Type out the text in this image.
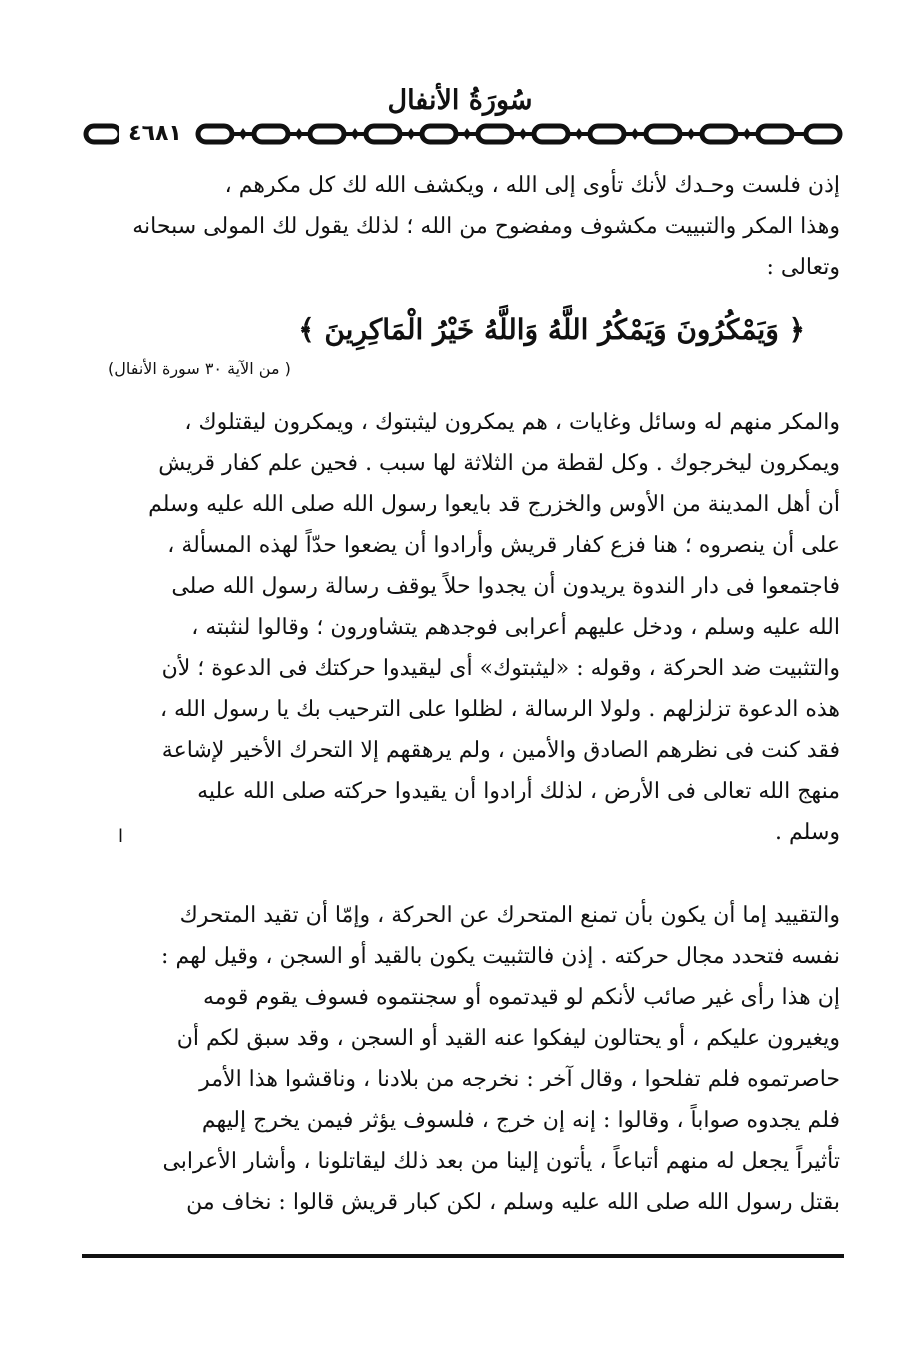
سُورَةُ الأنفال
٤٦٨١
إذن فلست وحـدك لأنك تأوى إلى الله ، ويكشف الله لك كل مكرهم ،
وهذا المكر والتبييت مكشوف ومفضوح من الله ؛ لذلك يقول لك المولى سبحانه
وتعالى :
﴿ وَيَمْكُرُونَ وَيَمْكُرُ اللَّهُ وَاللَّهُ خَيْرُ الْمَاكِرِينَ ﴾
( من الآية ٣٠ سورة الأنفال)
والمكر منهم له وسائل وغايات ، هم يمكرون ليثبتوك ، ويمكرون ليقتلوك ،
ويمكرون ليخرجوك . وكل لقطة من الثلاثة لها سبب . فحين علم كفار قريش
أن أهل المدينة من الأوس والخزرج قد بايعوا رسول الله صلى الله عليه وسلم
على أن ينصروه ؛ هنا فزع كفار قريش وأرادوا أن يضعوا حدّاً لهذه المسألة ،
فاجتمعوا فى دار الندوة يريدون أن يجدوا حلاً يوقف رسالة رسول الله صلى
الله عليه وسلم ، ودخل عليهم أعرابى فوجدهم يتشاورون ؛ وقالوا لنثبته ،
والتثبيت ضد الحركة ، وقوله : «ليثبتوك» أى ليقيدوا حركتك فى الدعوة ؛ لأن
هذه الدعوة تزلزلهم . ولولا الرسالة ، لظلوا على الترحيب بك يا رسول الله ،
فقد كنت فى نظرهم الصادق والأمين ، ولم يرهقهم إلا التحرك الأخير لإشاعة
منهج الله تعالى فى الأرض ، لذلك أرادوا أن يقيدوا حركته صلى الله عليه
وسلم .
ا
والتقييد إما أن يكون بأن تمنع المتحرك عن الحركة ، وإمّا أن تقيد المتحرك
نفسه فتحدد مجال حركته . إذن فالتثبيت يكون بالقيد أو السجن ، وقيل لهم :
إن هذا رأى غير صائب لأنكم لو قيدتموه أو سجنتموه فسوف يقوم قومه
ويغيرون عليكم ، أو يحتالون ليفكوا عنه القيد أو السجن ، وقد سبق لكم أن
حاصرتموه فلم تفلحوا ، وقال آخر : نخرجه من بلادنا ، وناقشوا هذا الأمر
فلم يجدوه صواباً ، وقالوا : إنه إن خرج ، فلسوف يؤثر فيمن يخرج إليهم
تأثيراً يجعل له منهم أتباعاً ، يأتون إلينا من بعد ذلك ليقاتلونا ، وأشار الأعرابى
بقتل رسول الله صلى الله عليه وسلم ، لكن كبار قريش قالوا : نخاف من
